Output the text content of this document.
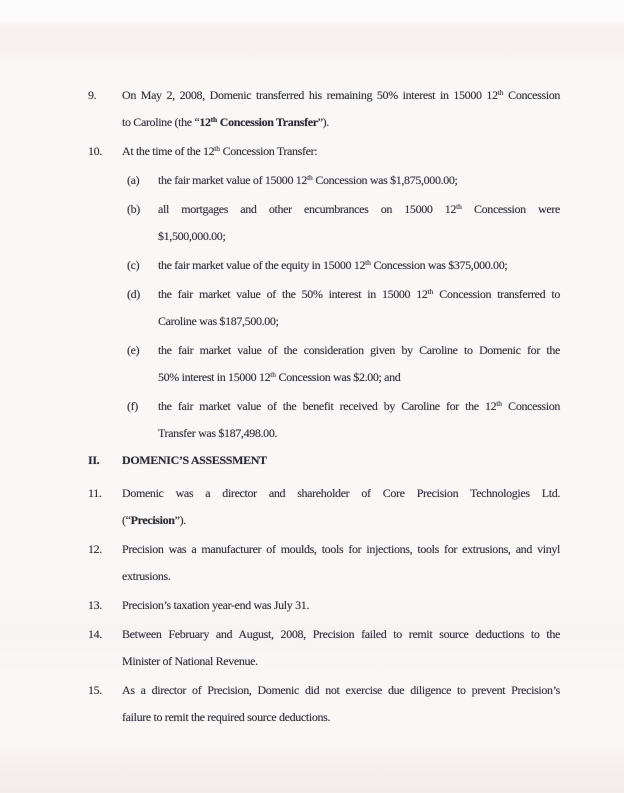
9. On May 2, 2008, Domenic transferred his remaining 50% interest in 15000 12th Concession
to Caroline (the “12th Concession Transfer”).
10. At the time of the 12th Concession Transfer:
(a) the fair market value of 15000 12th Concession was $1,875,000.00;
(b) all mortgages and other encumbrances on 15000 12th Concession were
$1,500,000.00;
(c) the fair market value of the equity in 15000 12th Concession was $375,000.00;
(d) the fair market value of the 50% interest in 15000 12th Concession transferred to
Caroline was $187,500.00;
(e) the fair market value of the consideration given by Caroline to Domenic for the
50% interest in 15000 12th Concession was $2.00; and
(f) the fair market value of the benefit received by Caroline for the 12th Concession
Transfer was $187,498.00.
II. DOMENIC’S ASSESSMENT
11. Domenic was a director and shareholder of Core Precision Technologies Ltd.
(“Precision”).
12. Precision was a manufacturer of moulds, tools for injections, tools for extrusions, and vinyl
extrusions.
13. Precision’s taxation year-end was July 31.
14. Between February and August, 2008, Precision failed to remit source deductions to the
Minister of National Revenue.
15. As a director of Precision, Domenic did not exercise due diligence to prevent Precision’s
failure to remit the required source deductions.
